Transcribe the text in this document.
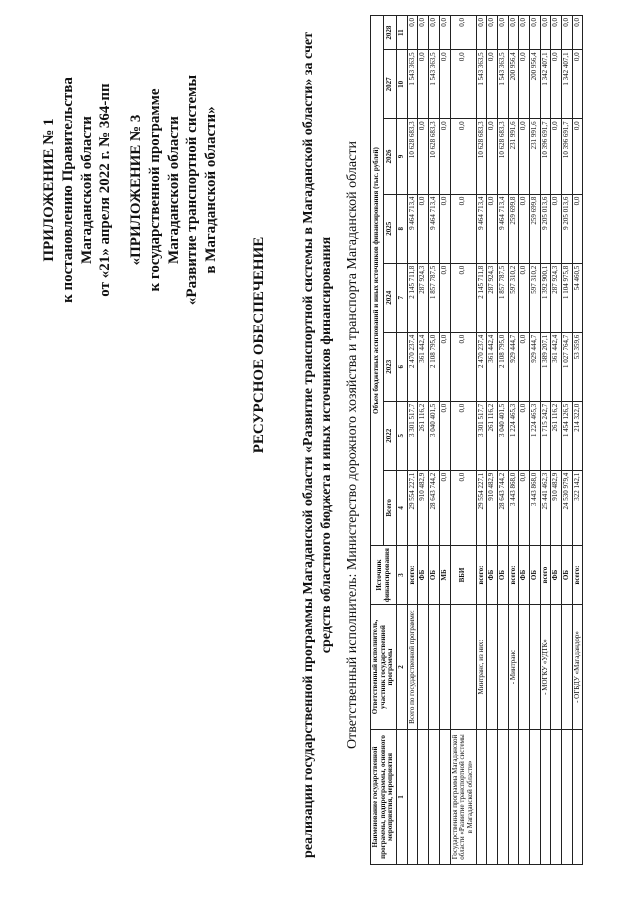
ПРИЛОЖЕНИЕ № 1 к постановлению Правительства Магаданской области от «21» апреля 2022 г. № 364-пп «ПРИЛОЖЕНИЕ № 3 к государственной программе Магаданской области «Развитие транспортной системы в Магаданской области»
РЕСУРСНОЕ ОБЕСПЕЧЕНИЕ реализации государственной программы Магаданской области «Развитие транспортной системы в Магаданской области» за счет средств областного бюджета и иных источников финансирования Ответственный исполнитель: Министерство дорожного хозяйства и транспорта Магаданской области
Наименование государственной программы, подпрограммы, основного мероприятия, мероприятия	Ответственный исполнитель, участник государственной программы	Источник финансирования	Объем бюджетных ассигнований и иных источников финансирования (тыс. рублей)							
			Всего	2022	2023	2024	2025	2026	2027	2028
1	2	3	4	5	6	7	8	9	10	11
	Всего по государственной программе:	всего:	29 554 227,1	3 301 517,7	2 470 237,4	2 145 711,8	9 464 713,4	10 628 683,3	1 543 363,5	0,0
		ФБ	910 482,9	261 116,2	361 442,4	287 924,3	0,0	0,0	0,0	0,0
		ОБ	28 643 744,2	3 040 401,5	2 108 795,0	1 857 787,5	9 464 713,4	10 628 683,3	1 543 363,5	0,0
		МБ	0,0	0,0	0,0	0,0	0,0	0,0	0,0	0,0
Государственная программа Магаданской области «Развитие транспортной системы в Магаданской области»		ВБИ	0,0	0,0	0,0	0,0	0,0	0,0	0,0	0,0
	Минтранс, из них:	всего:	29 554 227,1	3 301 517,7	2 470 237,4	2 145 711,8	9 464 713,4	10 628 683,3	1 543 363,5	0,0
		ФБ	910 482,9	261 116,2	361 442,4	287 924,3	0,0	0,0	0,0	0,0
		ОБ	28 643 744,2	3 040 401,5	2 108 795,0	1 857 787,5	9 464 713,4	10 628 683,3	1 543 363,5	0,0
	- Минтранс	всего:	3 443 868,0	1 224 465,3	929 444,7	597 310,2	259 699,8	231 991,6	200 956,4	0,0
		ФБ	0,0	0,0	0,0	0,0	0,0	0,0	0,0	0,0
		ОБ	3 443 868,0	1 224 465,3	929 444,7	597 310,2	259 699,8	231 991,6	200 956,4	0,0
	- МОГКУ «УДТК»	всего	25 441 462,3	1 715 242,7	1 389 207,1	1 392 900,1	9 205 013,6	10 396 691,7	1 342 407,1	0,0
		ФБ	910 482,9	261 116,2	361 442,4	287 924,3	0,0	0,0	0,0	0,0
		ОБ	24 530 979,4	1 454 126,5	1 027 764,7	1 104 975,8	9 205 013,6	10 396 691,7	1 342 407,1	0,0
	- ОГБДУ «Магадандор»	всего:	322 142,1	214 322,0	53 359,6	54 460,5	0,0	0,0	0,0	0,0
